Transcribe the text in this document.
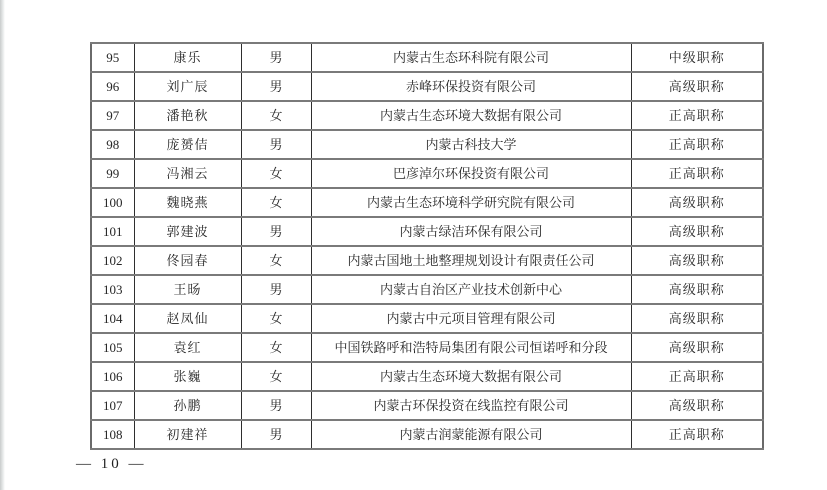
95	康乐	男	内蒙古生态环科院有限公司	中级职称
96	刘广辰	男	赤峰环保投资有限公司	高级职称
97	潘艳秋	女	内蒙古生态环境大数据有限公司	正高职称
98	庞赟佶	男	内蒙古科技大学	正高职称
99	冯湘云	女	巴彦淖尔环保投资有限公司	正高职称
100	魏晓燕	女	内蒙古生态环境科学研究院有限公司	高级职称
101	郭建波	男	内蒙古绿洁环保有限公司	高级职称
102	佟园春	女	内蒙古国地土地整理规划设计有限责任公司	高级职称
103	王旸	男	内蒙古自治区产业技术创新中心	高级职称
104	赵凤仙	女	内蒙古中元项目管理有限公司	高级职称
105	袁红	女	中国铁路呼和浩特局集团有限公司恒诺呼和分段	高级职称
106	张巍	女	内蒙古生态环境大数据有限公司	正高职称
107	孙鹏	男	内蒙古环保投资在线监控有限公司	高级职称
108	初建祥	男	内蒙古润蒙能源有限公司	正高职称
— 10 —
